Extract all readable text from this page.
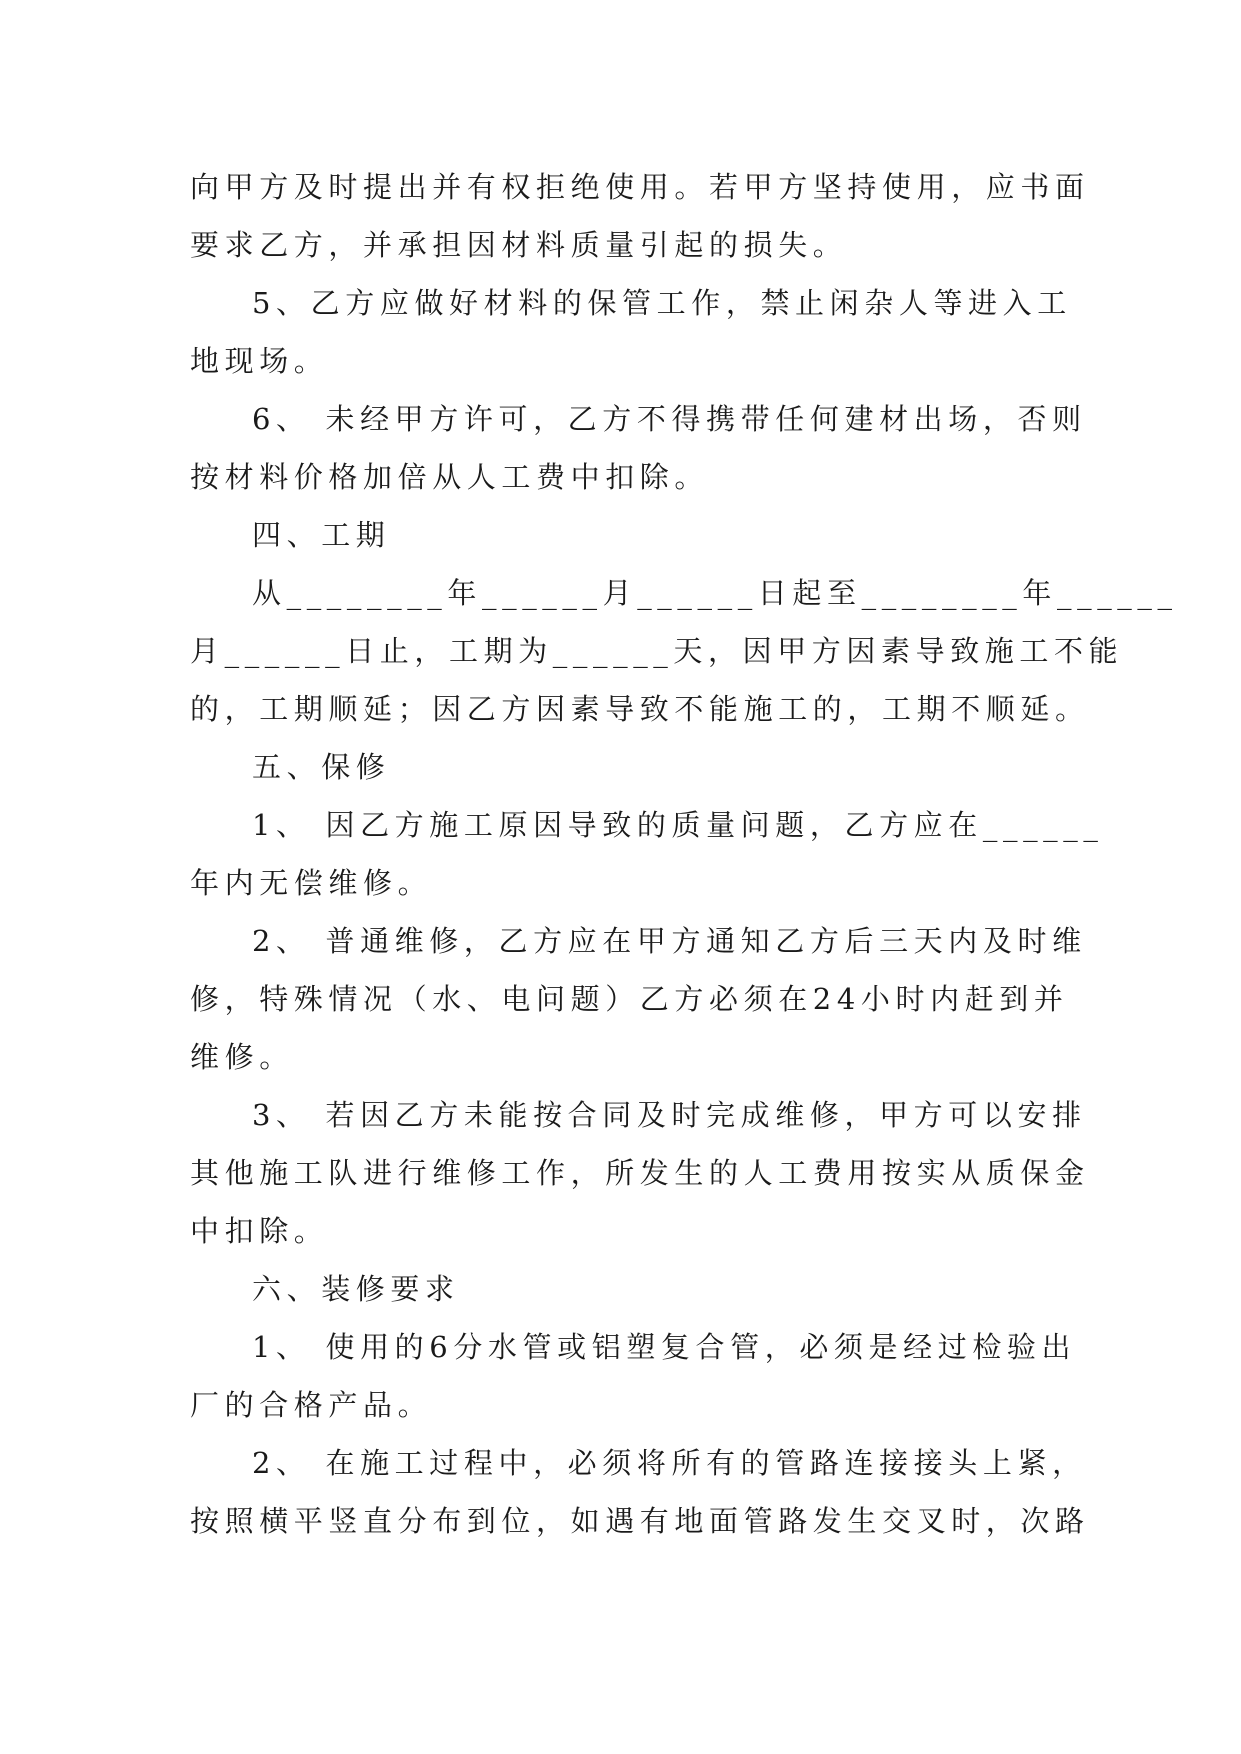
向甲方及时提出并有权拒绝使用。若甲方坚持使用，应书面
要求乙方，并承担因材料质量引起的损失。
5、乙方应做好材料的保管工作，禁止闲杂人等进入工
地现场。
6、 未经甲方许可，乙方不得携带任何建材出场，否则
按材料价格加倍从人工费中扣除。
四、工期
从________年______月______日起至________年______
月______日止，工期为______天，因甲方因素导致施工不能
的，工期顺延；因乙方因素导致不能施工的，工期不顺延。
五、保修
1、 因乙方施工原因导致的质量问题，乙方应在______
年内无偿维修。
2、 普通维修，乙方应在甲方通知乙方后三天内及时维
修，特殊情况（水、电问题）乙方必须在24小时内赶到并
维修。
3、 若因乙方未能按合同及时完成维修，甲方可以安排
其他施工队进行维修工作，所发生的人工费用按实从质保金
中扣除。
六、装修要求
1、 使用的6分水管或铝塑复合管，必须是经过检验出
厂的合格产品。
2、 在施工过程中，必须将所有的管路连接接头上紧，
按照横平竖直分布到位，如遇有地面管路发生交叉时，次路
